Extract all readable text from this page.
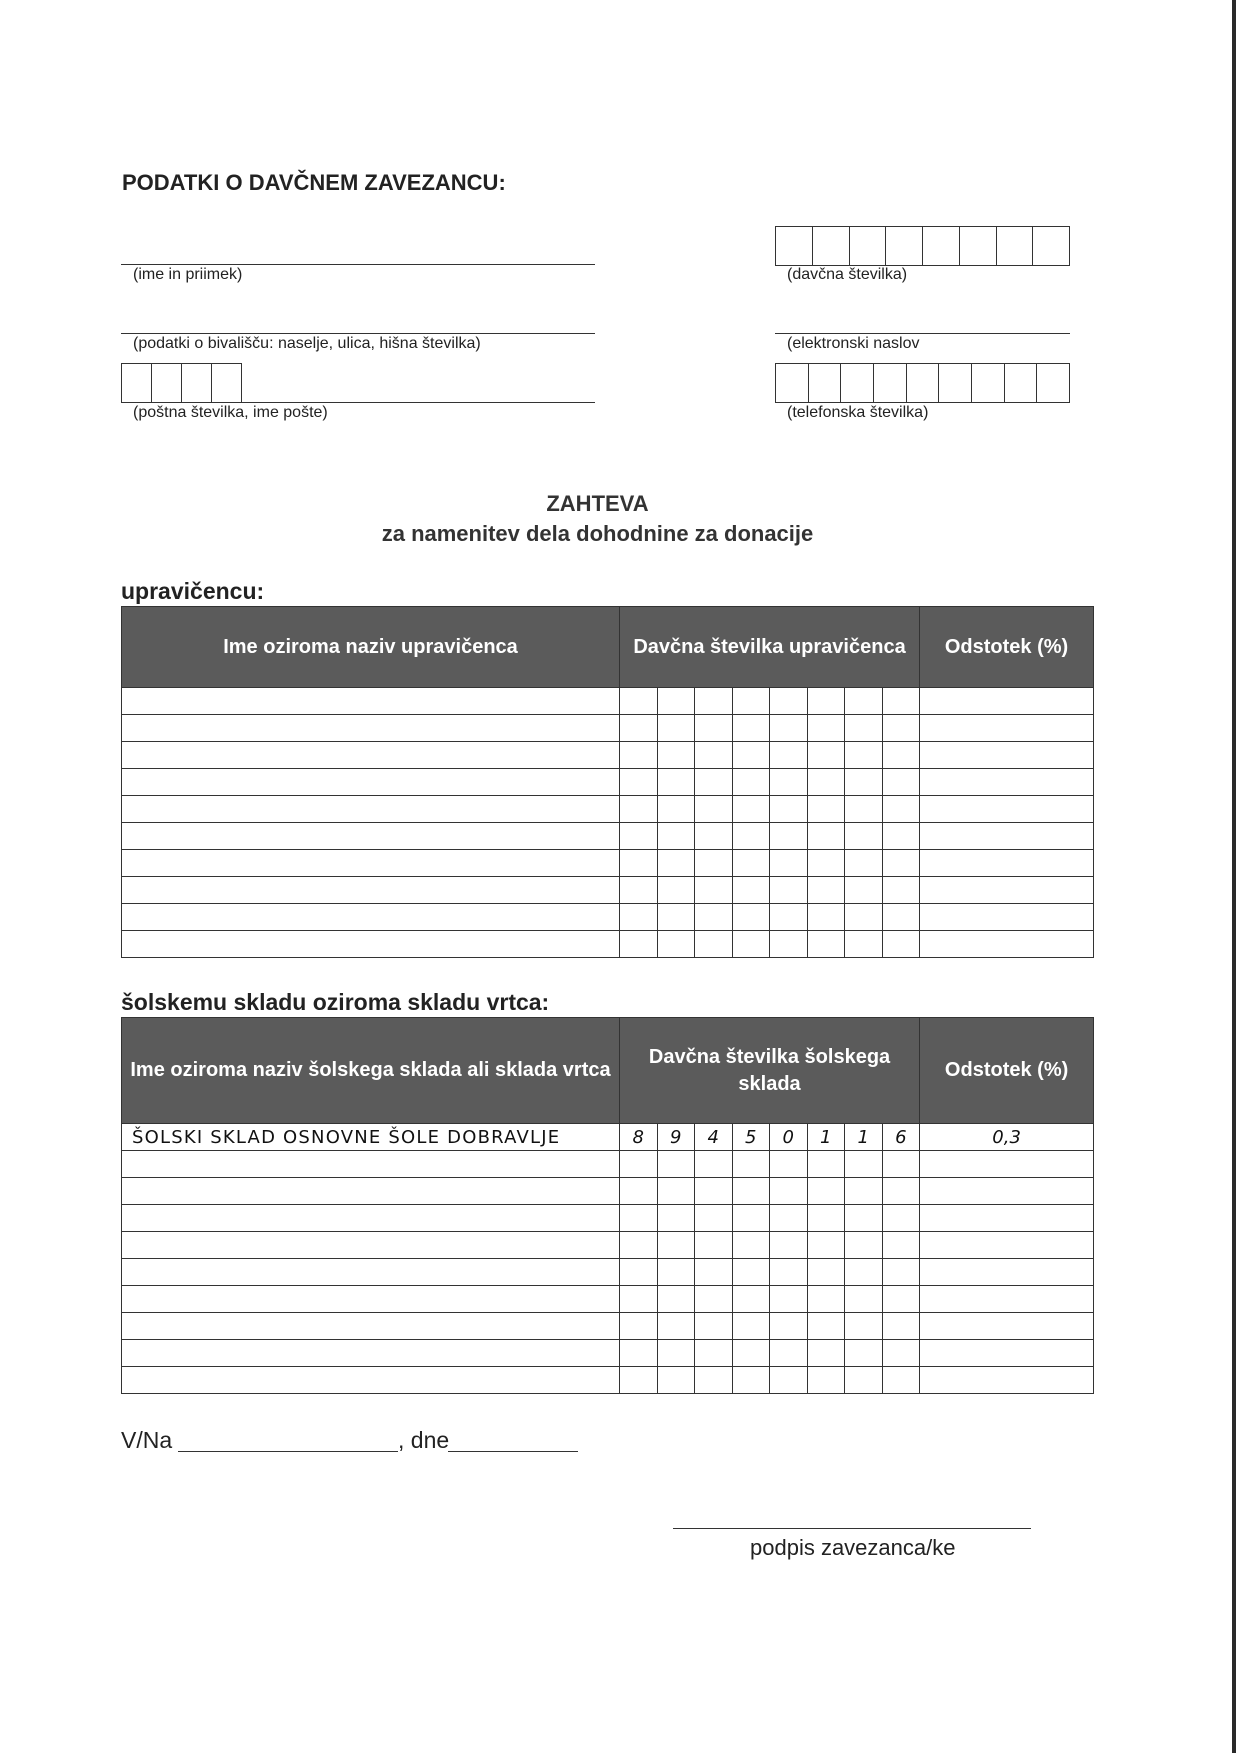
PODATKI O DAVČNEM ZAVEZANCU:
(ime in priimek)	(davčna številka)
(podatki o bivališču: naselje, ulica, hišna številka)	(elektronski naslov
(poštna številka, ime pošte)	(telefonska številka)
ZAHTEVA
za namenitev dela dohodnine za donacije
upravičencu:
Ime oziroma naziv upravičenca	Davčna številka upravičenca								Odstotek (%)

šolskemu skladu oziroma skladu vrtca:
Ime oziroma naziv šolskega sklada ali sklada vrtca	Davčna številka šolskega sklada								Odstotek (%)
ŠOLSKI SKLAD OSNOVNE ŠOLE DOBRAVLJE	8	9	4	5	0	1	1	6	0,3

V/Na	, dne
podpis zavezanca/ke
